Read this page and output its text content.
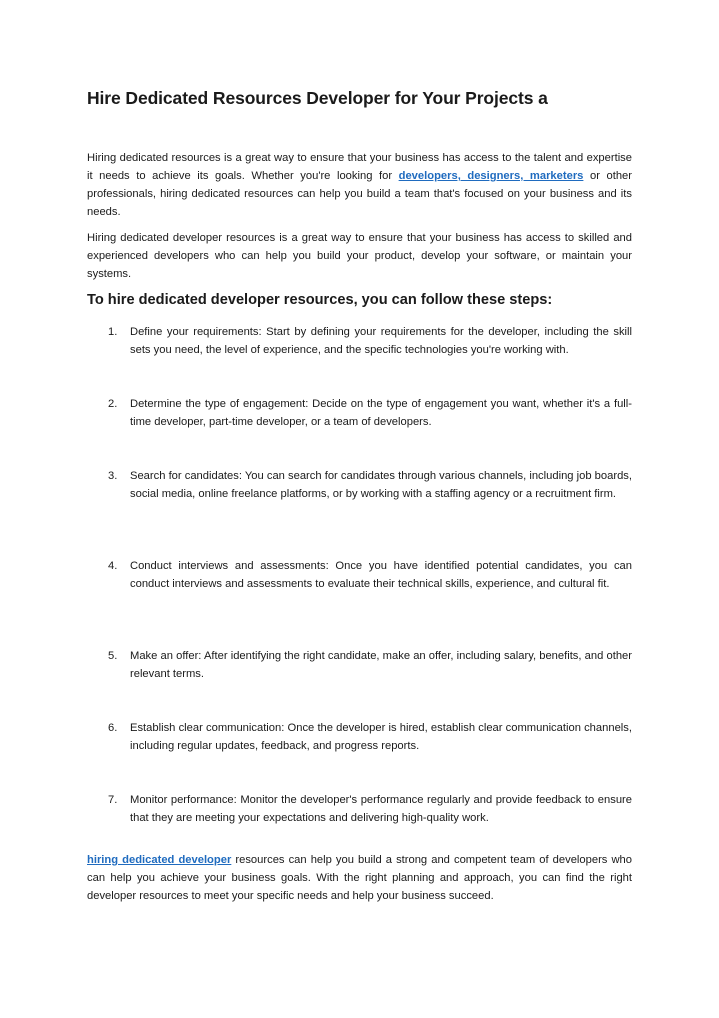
Hire Dedicated Resources Developer for Your Projects a

Hiring dedicated resources is a great way to ensure that your business has access to the talent and expertise it needs to achieve its goals. Whether you're looking for developers, designers, marketers or other professionals, hiring dedicated resources can help you build a team that's focused on your business and its needs.

Hiring dedicated developer resources is a great way to ensure that your business has access to skilled and experienced developers who can help you build your product, develop your software, or maintain your systems.

To hire dedicated developer resources, you can follow these steps:
1.	Define your requirements: Start by defining your requirements for the developer, including the skill sets you need, the level of experience, and the specific technologies you're working with.

2.	Determine the type of engagement: Decide on the type of engagement you want, whether it's a full-time developer, part-time developer, or a team of developers.

3.	Search for candidates: You can search for candidates through various channels, including job boards, social media, online freelance platforms, or by working with a staffing agency or a recruitment firm.

4.	Conduct interviews and assessments: Once you have identified potential candidates, you can conduct interviews and assessments to evaluate their technical skills, experience, and cultural fit.

5.	Make an offer: After identifying the right candidate, make an offer, including salary, benefits, and other relevant terms.

6.	Establish clear communication: Once the developer is hired, establish clear communication channels, including regular updates, feedback, and progress reports.

7.	Monitor performance: Monitor the developer's performance regularly and provide feedback to ensure that they are meeting your expectations and delivering high-quality work.

hiring dedicated developer resources can help you build a strong and competent team of developers who can help you achieve your business goals. With the right planning and approach, you can find the right developer resources to meet your specific needs and help your business succeed.
